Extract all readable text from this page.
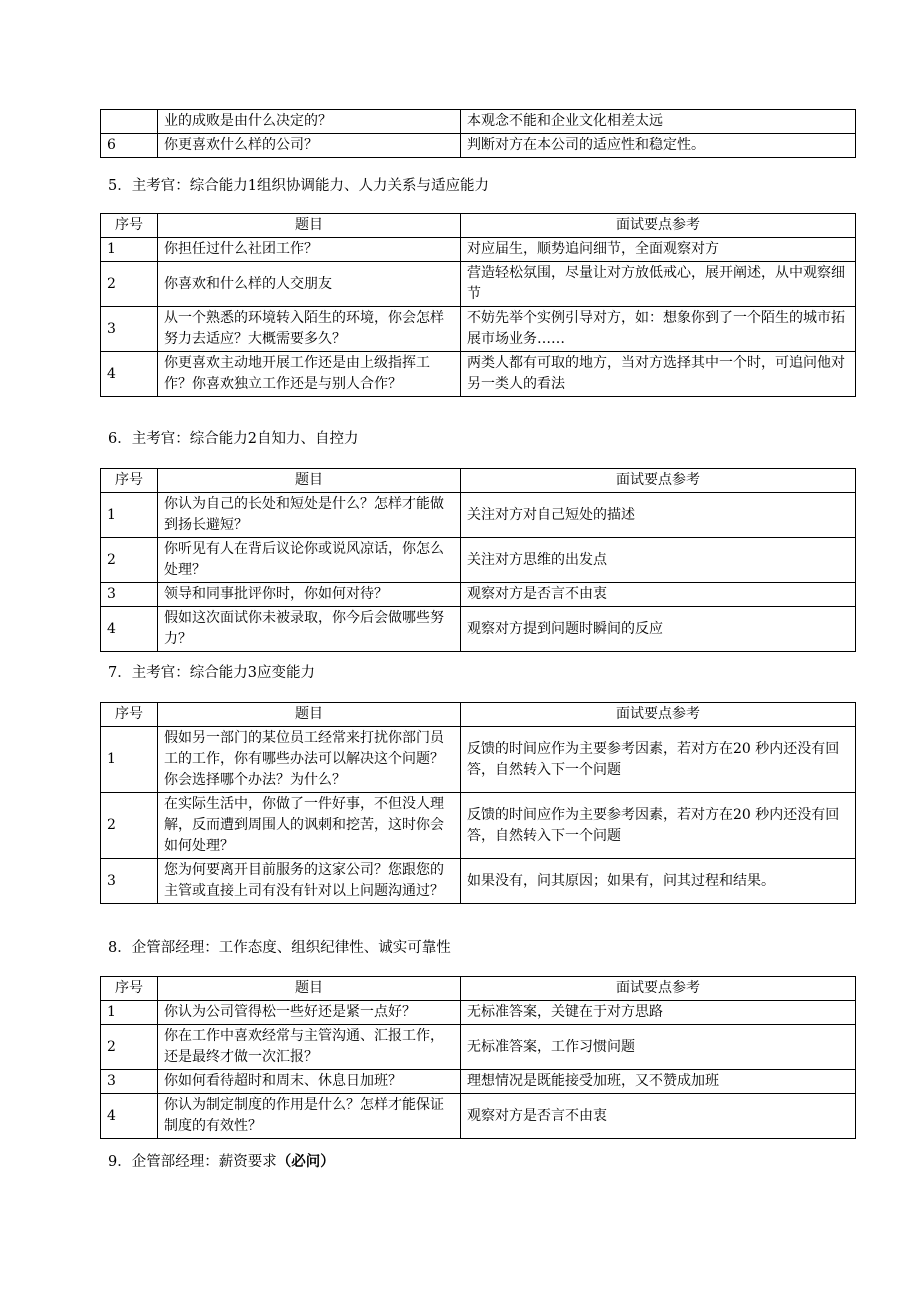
	业的成败是由什么决定的？	本观念不能和企业文化相差太远
6	你更喜欢什么样的公司？	判断对方在本公司的适应性和稳定性。
5．主考官：综合能力1组织协调能力、人力关系与适应能力
序号	题目	面试要点参考
1	你担任过什么社团工作？	对应届生，顺势追问细节，全面观察对方
2	你喜欢和什么样的人交朋友	营造轻松氛围，尽量让对方放低戒心，展开阐述，从中观察细节
3	从一个熟悉的环境转入陌生的环境，你会怎样努力去适应？大概需要多久？	不妨先举个实例引导对方，如：想象你到了一个陌生的城市拓展市场业务……
4	你更喜欢主动地开展工作还是由上级指挥工作？你喜欢独立工作还是与别人合作？	两类人都有可取的地方，当对方选择其中一个时，可追问他对另一类人的看法
6．主考官：综合能力2自知力、自控力
序号	题目	面试要点参考
1	你认为自己的长处和短处是什么？怎样才能做到扬长避短？	关注对方对自己短处的描述
2	你听见有人在背后议论你或说风凉话，你怎么处理？	关注对方思维的出发点
3	领导和同事批评你时，你如何对待？	观察对方是否言不由衷
4	假如这次面试你未被录取，你今后会做哪些努力？	观察对方提到问题时瞬间的反应
7．主考官：综合能力3应变能力
序号	题目	面试要点参考
1	假如另一部门的某位员工经常来打扰你部门员工的工作，你有哪些办法可以解决这个问题？你会选择哪个办法？为什么？	反馈的时间应作为主要参考因素，若对方在20 秒内还没有回答，自然转入下一个问题
2	在实际生活中，你做了一件好事，不但没人理解，反而遭到周围人的讽刺和挖苦，这时你会如何处理？	反馈的时间应作为主要参考因素，若对方在20 秒内还没有回答，自然转入下一个问题
3	您为何要离开目前服务的这家公司？您跟您的主管或直接上司有没有针对以上问题沟通过？	如果没有，问其原因；如果有，问其过程和结果。
8．企管部经理：工作态度、组织纪律性、诚实可靠性
序号	题目	面试要点参考
1	你认为公司管得松一些好还是紧一点好？	无标准答案，关键在于对方思路
2	你在工作中喜欢经常与主管沟通、汇报工作，还是最终才做一次汇报？	无标准答案，工作习惯问题
3	你如何看待超时和周末、休息日加班？	理想情况是既能接受加班，又不赞成加班
4	你认为制定制度的作用是什么？怎样才能保证制度的有效性？	观察对方是否言不由衷
9．企管部经理：薪资要求（必问）
